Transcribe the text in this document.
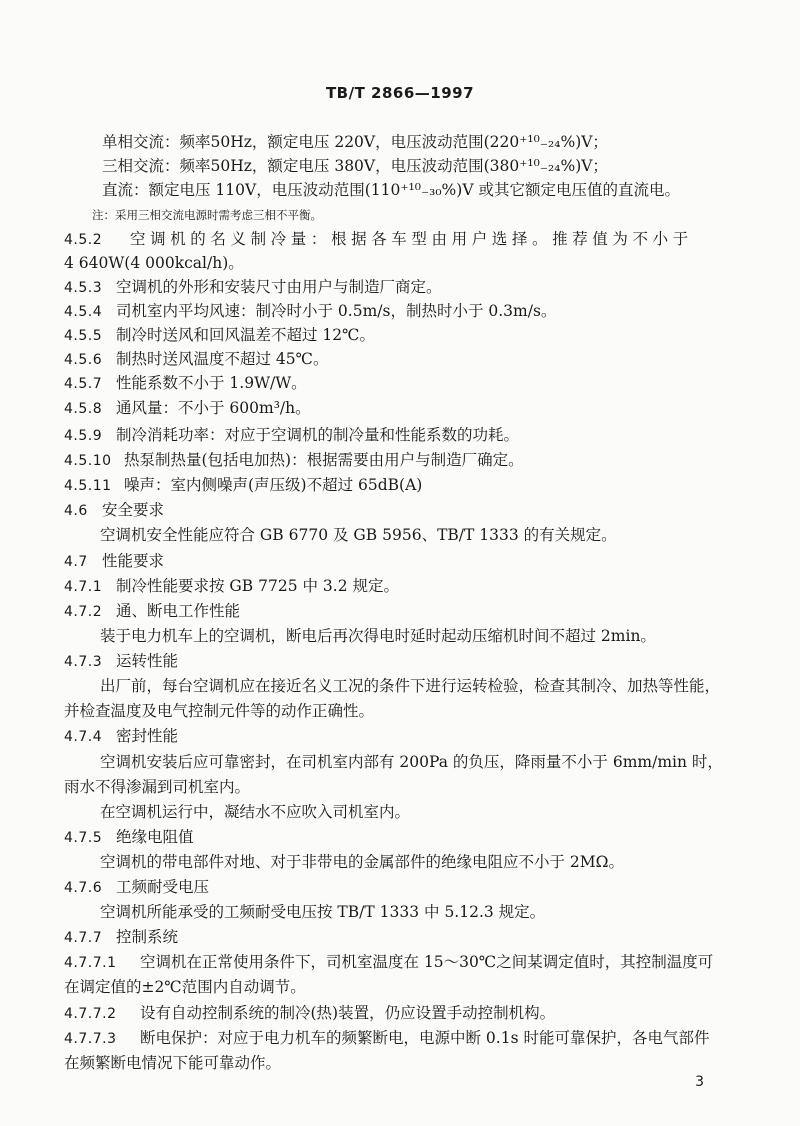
TB/T 2866—1997
单相交流：频率50Hz，额定电压 220V，电压波动范围(220⁺¹⁰₋₂₄%)V；
三相交流：频率50Hz，额定电压 380V，电压波动范围(380⁺¹⁰₋₂₄%)V；
直流：额定电压 110V，电压波动范围(110⁺¹⁰₋₃₀%)V 或其它额定电压值的直流电。
注：采用三相交流电源时需考虑三相不平衡。
4.5.2 空调机的名义制冷量：根据各车型由用户选择。推荐值为不小于
4 640W(4 000kcal/h)。
4.5.3 空调机的外形和安装尺寸由用户与制造厂商定。
4.5.4 司机室内平均风速：制冷时小于 0.5m/s，制热时小于 0.3m/s。
4.5.5 制冷时送风和回风温差不超过 12℃。
4.5.6 制热时送风温度不超过 45℃。
4.5.7 性能系数不小于 1.9W/W。
4.5.8 通风量：不小于 600m³/h。
4.5.9 制冷消耗功率：对应于空调机的制冷量和性能系数的功耗。
4.5.10 热泵制热量(包括电加热)：根据需要由用户与制造厂确定。
4.5.11 噪声：室内侧噪声(声压级)不超过 65dB(A)
4.6 安全要求
空调机安全性能应符合 GB 6770 及 GB 5956、TB/T 1333 的有关规定。
4.7 性能要求
4.7.1 制冷性能要求按 GB 7725 中 3.2 规定。
4.7.2 通、断电工作性能
装于电力机车上的空调机，断电后再次得电时延时起动压缩机时间不超过 2min。
4.7.3 运转性能
出厂前，每台空调机应在接近名义工况的条件下进行运转检验，检查其制冷、加热等性能，
并检查温度及电气控制元件等的动作正确性。
4.7.4 密封性能
空调机安装后应可靠密封，在司机室内部有 200Pa 的负压，降雨量不小于 6mm/min 时，
雨水不得渗漏到司机室内。
在空调机运行中，凝结水不应吹入司机室内。
4.7.5 绝缘电阻值
空调机的带电部件对地、对于非带电的金属部件的绝缘电阻应不小于 2MΩ。
4.7.6 工频耐受电压
空调机所能承受的工频耐受电压按 TB/T 1333 中 5.12.3 规定。
4.7.7 控制系统
4.7.7.1 空调机在正常使用条件下，司机室温度在 15～30℃之间某调定值时，其控制温度可
在调定值的±2℃范围内自动调节。
4.7.7.2 设有自动控制系统的制冷(热)装置，仍应设置手动控制机构。
4.7.7.3 断电保护：对应于电力机车的频繁断电，电源中断 0.1s 时能可靠保护，各电气部件
在频繁断电情况下能可靠动作。
3
